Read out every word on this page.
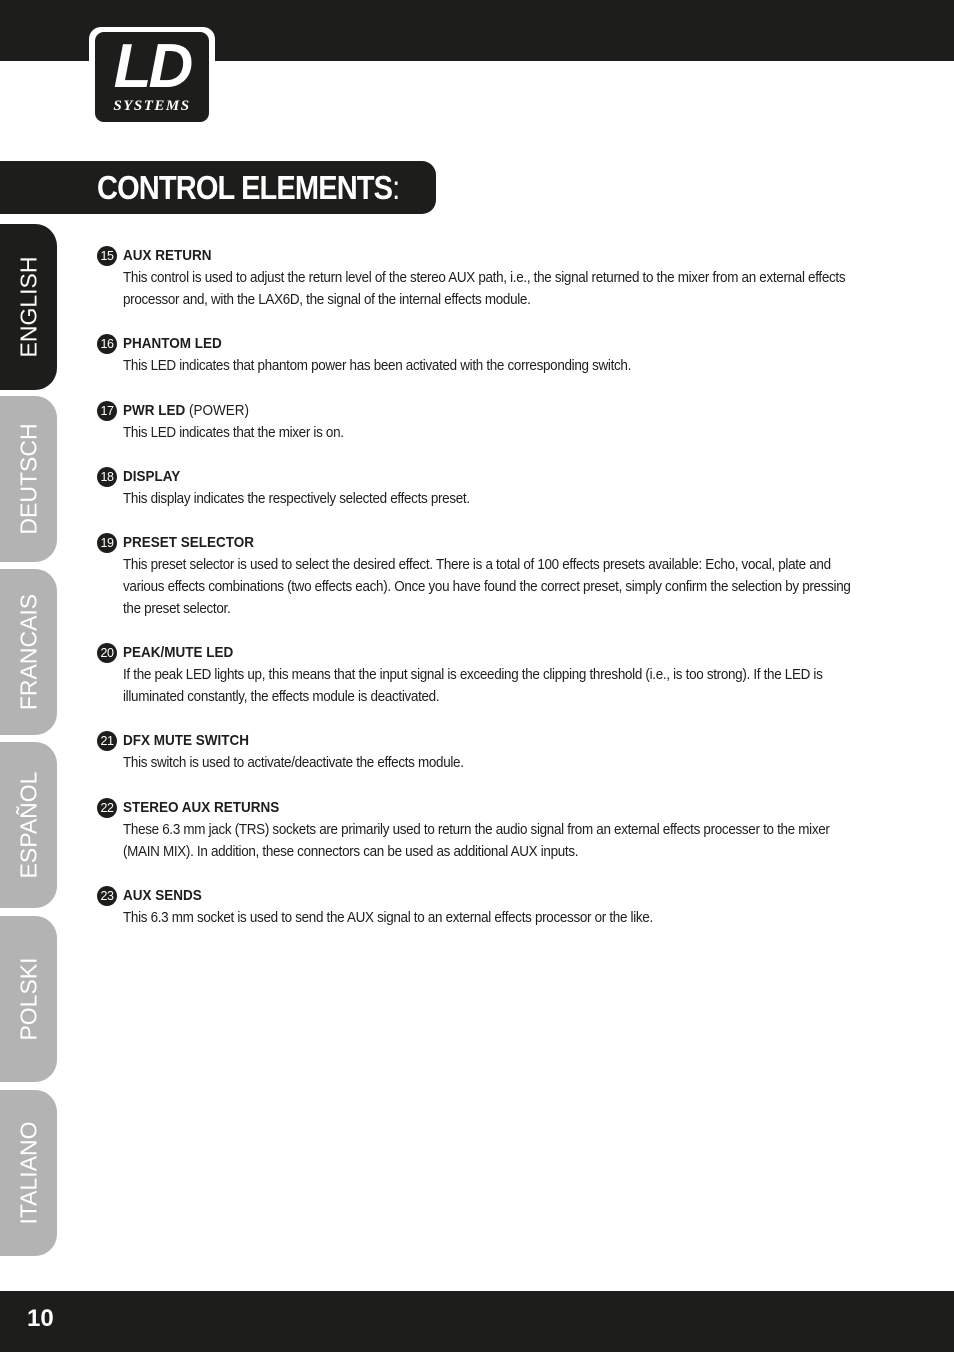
LD
SYSTEMS
CONTROL ELEMENTS:
ENGLISH
DEUTSCH
FRANCAIS
ESPAÑOL
POLSKI
ITALIANO
15 AUX RETURN
This control is used to adjust the return level of the stereo AUX path, i.e., the signal returned to the mixer from an external effects processor and, with the LAX6D, the signal of the internal effects module.
16 PHANTOM LED
This LED indicates that phantom power has been activated with the corresponding switch.
17 PWR LED (POWER)
This LED indicates that the mixer is on.
18 DISPLAY
This display indicates the respectively selected effects preset.
19 PRESET SELECTOR
This preset selector is used to select the desired effect. There is a total of 100 effects presets available: Echo, vocal, plate and various effects combinations (two effects each). Once you have found the correct preset, simply confirm the selection by pressing the preset selector.
20 PEAK/MUTE LED
If the peak LED lights up, this means that the input signal is exceeding the clipping threshold (i.e., is too strong). If the LED is illuminated constantly, the effects module is deactivated.
21 DFX MUTE SWITCH
This switch is used to activate/deactivate the effects module.
22 STEREO AUX RETURNS
These 6.3 mm jack (TRS) sockets are primarily used to return the audio signal from an external effects processer to the mixer (MAIN MIX). In addition, these connectors can be used as additional AUX inputs.
23 AUX SENDS
This 6.3 mm socket is used to send the AUX signal to an external effects processor or the like.
10
